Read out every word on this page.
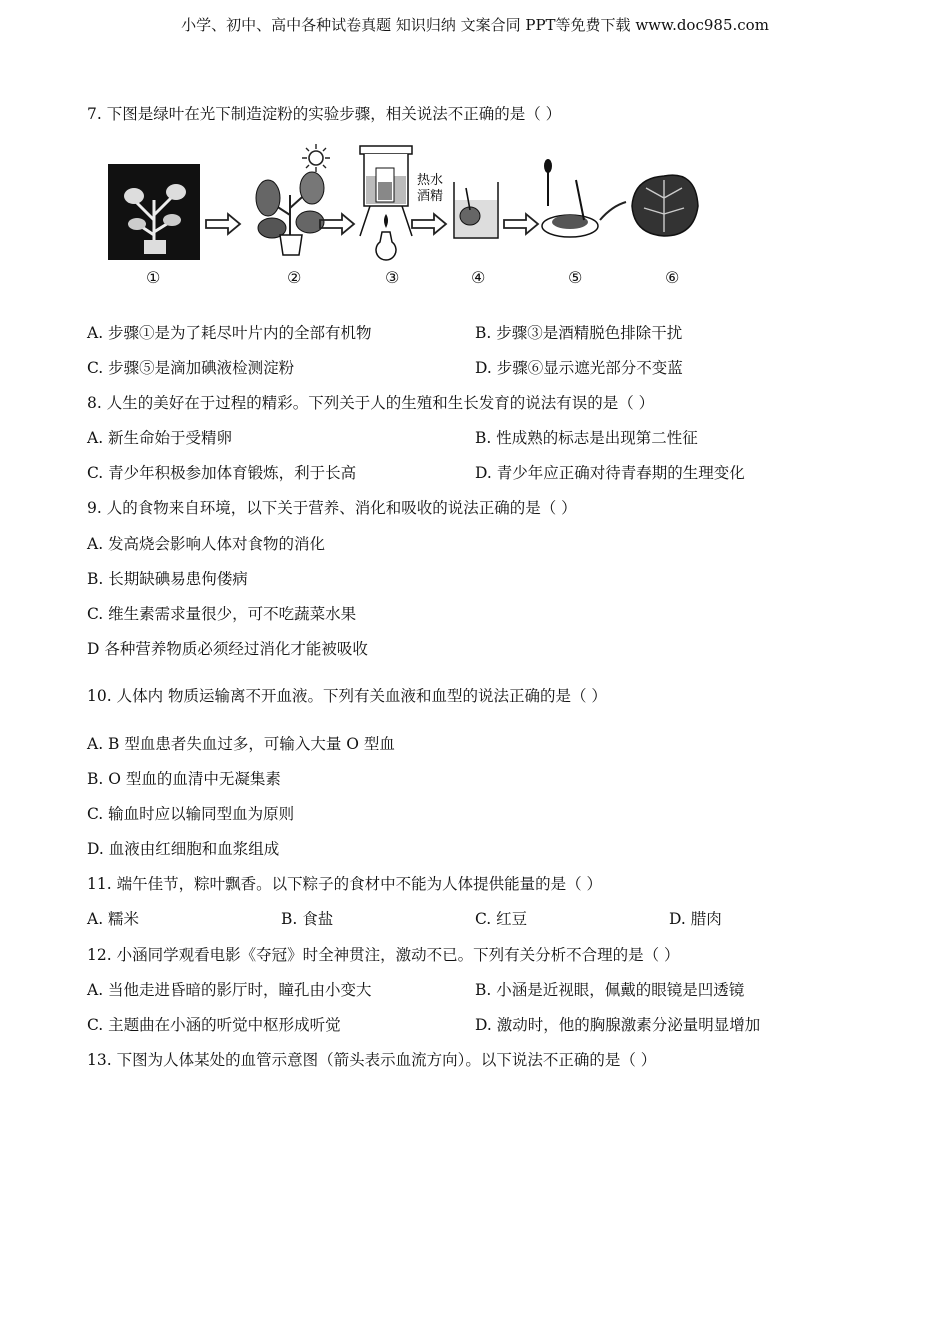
小学、初中、高中各种试卷真题 知识归纳 文案合同 PPT等免费下载 www.doc985.com
7. 下图是绿叶在光下制造淀粉的实验步骤，相关说法不正确的是（ ）
热水
酒精
①	②	③	④	⑤	⑥
A. 步骤①是为了耗尽叶片内的全部有机物	B. 步骤③是酒精脱色排除干扰
C. 步骤⑤是滴加碘液检测淀粉	D. 步骤⑥显示遮光部分不变蓝
8. 人生的美好在于过程的精彩。下列关于人的生殖和生长发育的说法有误的是（ ）
A. 新生命始于受精卵	B. 性成熟的标志是出现第二性征
C. 青少年积极参加体育锻炼，利于长高	D. 青少年应正确对待青春期的生理变化
9. 人的食物来自环境，以下关于营养、消化和吸收的说法正确的是（ ）
A. 发高烧会影响人体对食物的消化
B. 长期缺碘易患佝偻病
C. 维生素需求量很少，可不吃蔬菜水果
D 各种营养物质必须经过消化才能被吸收
10. 人体内 物质运输离不开血液。下列有关血液和血型的说法正确的是（ ）
A. B 型血患者失血过多，可输入大量 O 型血
B. O 型血的血清中无凝集素
C. 输血时应以输同型血为原则
D. 血液由红细胞和血浆组成
11. 端午佳节，粽叶飘香。以下粽子的食材中不能为人体提供能量的是（ ）
A. 糯米	B. 食盐	C. 红豆	D. 腊肉
12. 小涵同学观看电影《夺冠》时全神贯注，激动不已。下列有关分析不合理的是（ ）
A. 当他走进昏暗的影厅时，瞳孔由小变大	B. 小涵是近视眼，佩戴的眼镜是凹透镜
C. 主题曲在小涵的听觉中枢形成听觉	D. 激动时，他的胸腺激素分泌量明显增加
13. 下图为人体某处的血管示意图（箭头表示血流方向）。以下说法不正确的是（ ）
